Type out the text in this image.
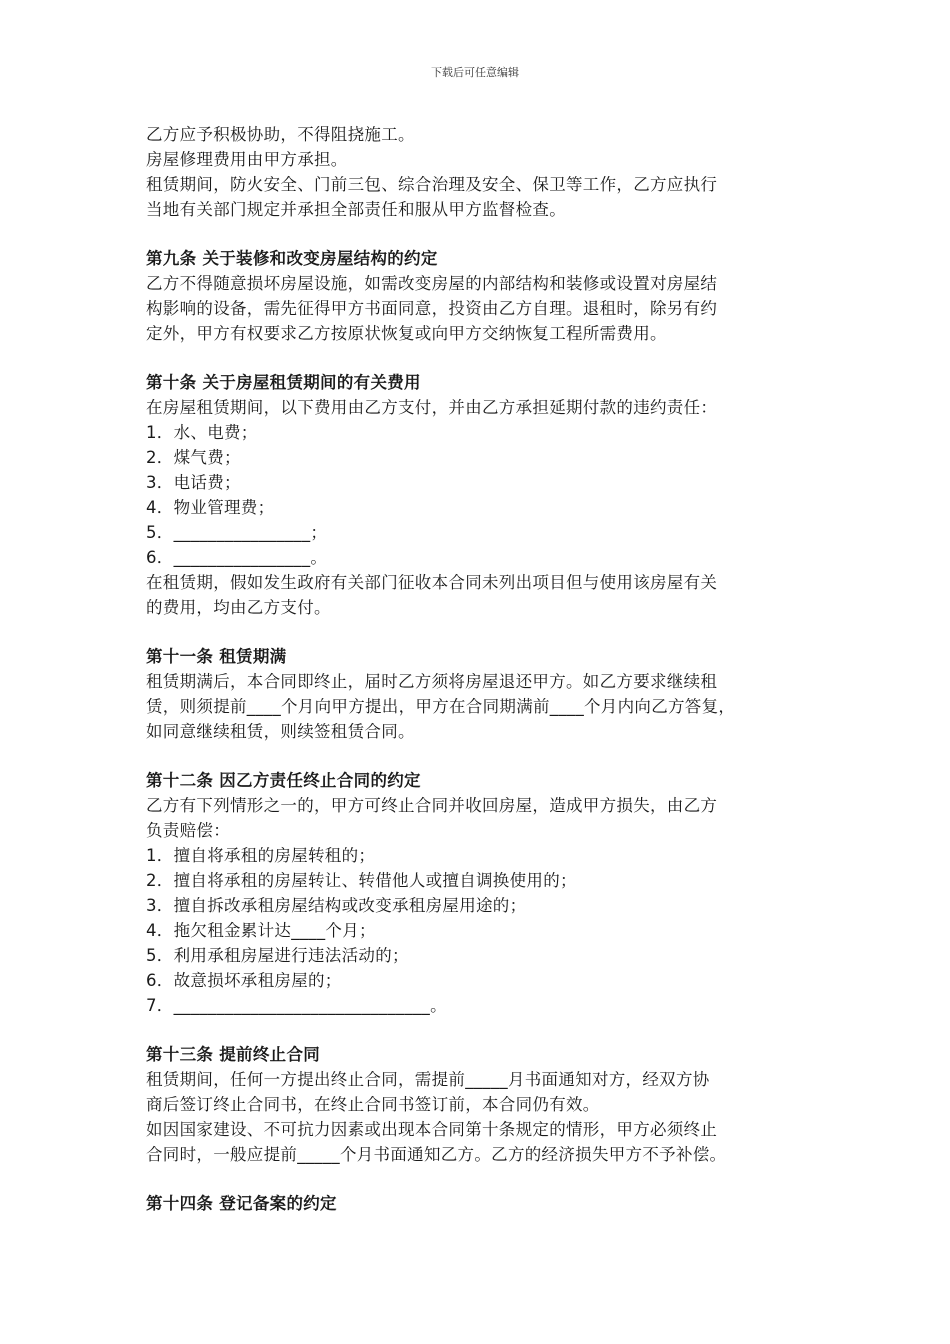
下载后可任意编辑
乙方应予积极协助，不得阻挠施工。
房屋修理费用由甲方承担。
租赁期间，防火安全、门前三包、综合治理及安全、保卫等工作，乙方应执行
当地有关部门规定并承担全部责任和服从甲方监督检查。
第九条 关于装修和改变房屋结构的约定
乙方不得随意损坏房屋设施，如需改变房屋的内部结构和装修或设置对房屋结
构影响的设备，需先征得甲方书面同意，投资由乙方自理。退租时，除另有约
定外，甲方有权要求乙方按原状恢复或向甲方交纳恢复工程所需费用。
第十条 关于房屋租赁期间的有关费用
在房屋租赁期间，以下费用由乙方支付，并由乙方承担延期付款的违约责任：
1．水、电费；
2．煤气费；
3．电话费；
4．物业管理费；
5．________________；
6．________________。
在租赁期，假如发生政府有关部门征收本合同未列出项目但与使用该房屋有关
的费用，均由乙方支付。
第十一条 租赁期满
租赁期满后，本合同即终止，届时乙方须将房屋退还甲方。如乙方要求继续租
赁，则须提前____个月向甲方提出，甲方在合同期满前____个月内向乙方答复，
如同意继续租赁，则续签租赁合同。
第十二条 因乙方责任终止合同的约定
乙方有下列情形之一的，甲方可终止合同并收回房屋，造成甲方损失，由乙方
负责赔偿：
1．擅自将承租的房屋转租的；
2．擅自将承租的房屋转让、转借他人或擅自调换使用的；
3．擅自拆改承租房屋结构或改变承租房屋用途的；
4．拖欠租金累计达____个月；
5．利用承租房屋进行违法活动的；
6．故意损坏承租房屋的；
7．______________________________。
第十三条 提前终止合同
租赁期间，任何一方提出终止合同，需提前_____月书面通知对方，经双方协
商后签订终止合同书，在终止合同书签订前，本合同仍有效。
如因国家建设、不可抗力因素或出现本合同第十条规定的情形，甲方必须终止
合同时，一般应提前_____个月书面通知乙方。乙方的经济损失甲方不予补偿。
第十四条 登记备案的约定
